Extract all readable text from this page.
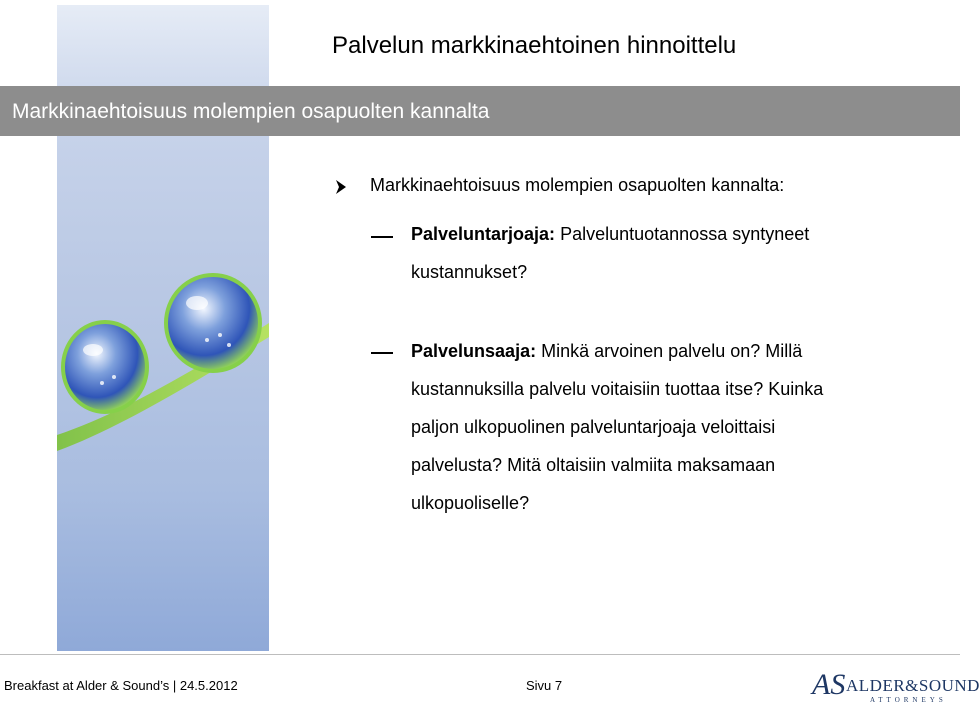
Palvelun markkinaehtoinen hinnoittelu
Markkinaehtoisuus molempien osapuolten kannalta
Markkinaehtoisuus molempien osapuolten kannalta:
Palveluntarjoaja: Palveluntuotannossa syntyneet
kustannukset?
Palvelunsaaja: Minkä arvoinen palvelu on? Millä
kustannuksilla palvelu voitaisiin tuottaa itse? Kuinka
paljon ulkopuolinen palveluntarjoaja veloittaisi
palvelusta? Mitä oltaisiin valmiita maksamaan
ulkopuoliselle?
Breakfast at Alder & Sound’s | 24.5.2012	Sivu 7	AS ALDER&SOUND
ATTORNEYS
